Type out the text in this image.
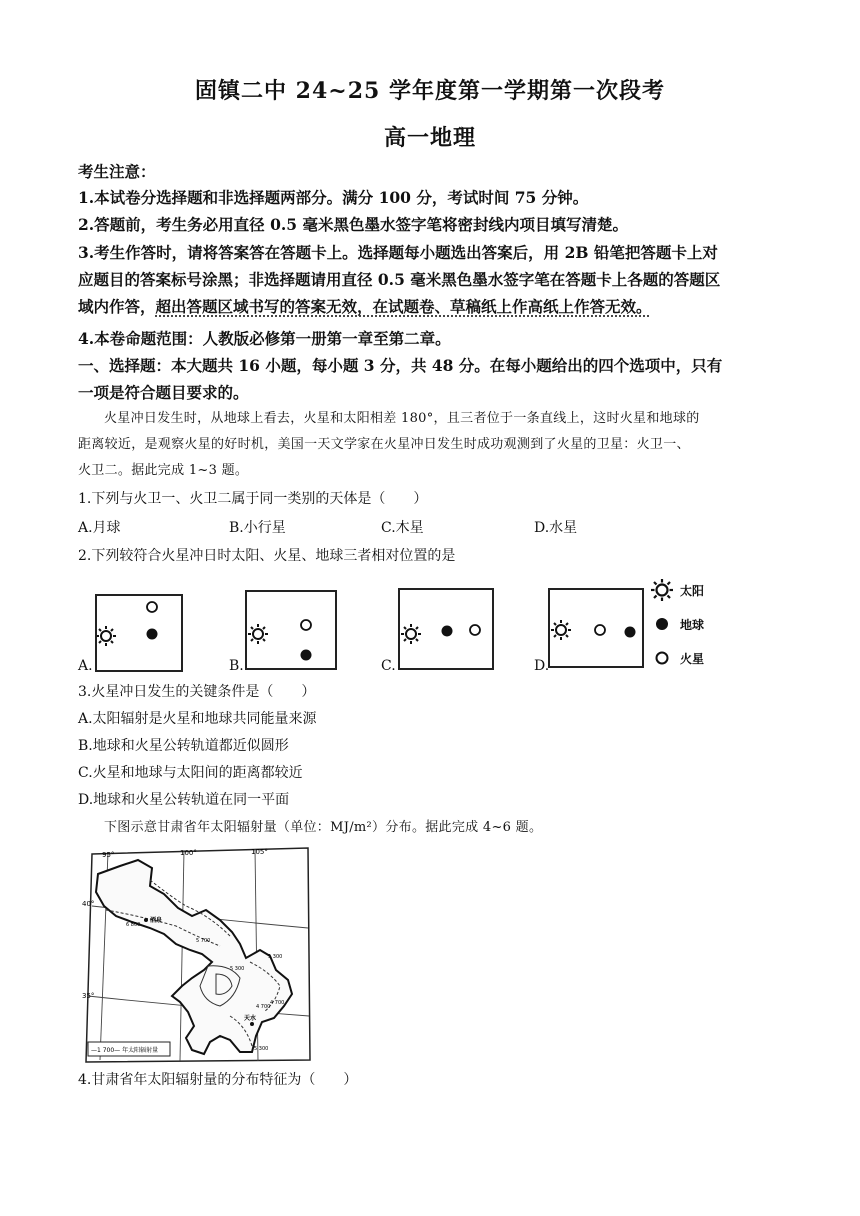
固镇二中 24~25 学年度第一学期第一次段考
高一地理
考生注意：
1.本试卷分选择题和非选择题两部分。满分 100 分，考试时间 75 分钟。
2.答题前，考生务必用直径 0.5 毫米黑色墨水签字笔将密封线内项目填写清楚。
3.考生作答时，请将答案答在答题卡上。选择题每小题选出答案后，用 2B 铅笔把答题卡上对
应题目的答案标号涂黑；非选择题请用直径 0.5 毫米黑色墨水签字笔在答题卡上各题的答题区
域内作答，超出答题区域书写的答案无效，在试题卷、草稿纸上作高纸上作答无效。
4.本卷命题范围：人教版必修第一册第一章至第二章。
一、选择题：本大题共 16 小题，每小题 3 分，共 48 分。在每小题给出的四个选项中，只有
一项是符合题目要求的。
火星冲日发生时，从地球上看去，火星和太阳相差 180°，且三者位于一条直线上，这时火星和地球的
距离较近，是观察火星的好时机，美国一天文学家在火星冲日发生时成功观测到了火星的卫星：火卫一、
火卫二。据此完成 1~3 题。
1.下列与火卫一、火卫二属于同一类别的天体是（　　）
A.月球	B.小行星	C.木星	D.水星
2.下列较符合火星冲日时太阳、火星、地球三者相对位置的是
A.	B.	C.	D.
太阳
地球
火星
3.火星冲日发生的关键条件是（　　）
A.太阳辐射是火星和地球共同能量来源
B.地球和火星公转轨道都近似圆形
C.火星和地球与太阳间的距离都较近
D.地球和火星公转轨道在同一平面
下图示意甘肃省年太阳辐射量（单位：MJ/m²）分布。据此完成 4~6 题。
95°	100°	105°
40°
35°
酒泉
天水
6 800
5 700
5 300
5 300
4 700
4 700
5 300
—1 700— 年太阳辐射量
4.甘肃省年太阳辐射量的分布特征为（　　）
